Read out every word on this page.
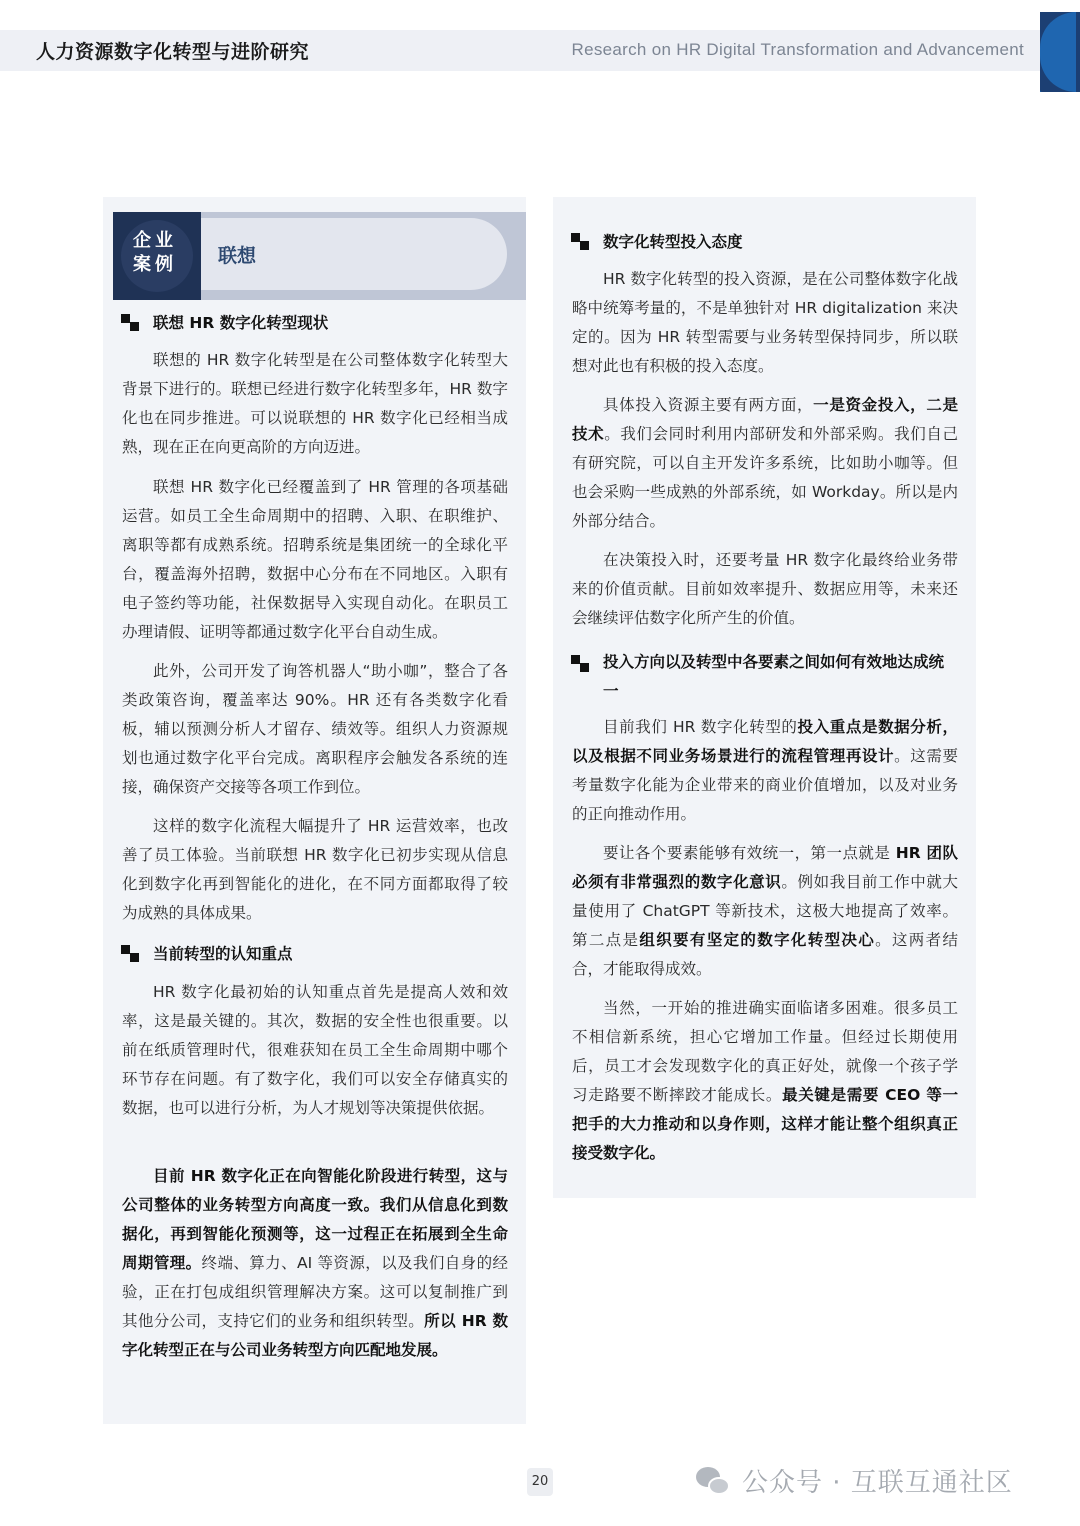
人力资源数字化转型与进阶研究	Research on HR Digital Transformation and Advancement
企业
案例	联想
联想 HR 数字化转型现状
联想的 HR 数字化转型是在公司整体数字化转型大背景下进行的。联想已经进行数字化转型多年，HR 数字化也在同步推进。可以说联想的 HR 数字化已经相当成熟，现在正在向更高阶的方向迈进。
联想 HR 数字化已经覆盖到了 HR 管理的各项基础运营。如员工全生命周期中的招聘、入职、在职维护、离职等都有成熟系统。招聘系统是集团统一的全球化平台，覆盖海外招聘，数据中心分布在不同地区。入职有电子签约等功能，社保数据导入实现自动化。在职员工办理请假、证明等都通过数字化平台自动生成。
此外，公司开发了询答机器人“助小咖”，整合了各类政策咨询，覆盖率达 90%。HR 还有各类数字化看板，辅以预测分析人才留存、绩效等。组织人力资源规划也通过数字化平台完成。离职程序会触发各系统的连接，确保资产交接等各项工作到位。
这样的数字化流程大幅提升了 HR 运营效率，也改善了员工体验。当前联想 HR 数字化已初步实现从信息化到数字化再到智能化的进化，在不同方面都取得了较为成熟的具体成果。
当前转型的认知重点
HR 数字化最初始的认知重点首先是提高人效和效率，这是最关键的。其次，数据的安全性也很重要。以前在纸质管理时代，很难获知在员工全生命周期中哪个环节存在问题。有了数字化，我们可以安全存储真实的数据，也可以进行分析，为人才规划等决策提供依据。
目前 HR 数字化正在向智能化阶段进行转型，这与公司整体的业务转型方向高度一致。我们从信息化到数据化，再到智能化预测等，这一过程正在拓展到全生命周期管理。终端、算力、AI 等资源，以及我们自身的经验，正在打包成组织管理解决方案。这可以复制推广到其他分公司，支持它们的业务和组织转型。所以 HR 数字化转型正在与公司业务转型方向匹配地发展。
数字化转型投入态度
HR 数字化转型的投入资源，是在公司整体数字化战略中统筹考量的，不是单独针对 HR digitalization 来决定的。因为 HR 转型需要与业务转型保持同步，所以联想对此也有积极的投入态度。
具体投入资源主要有两方面，一是资金投入，二是技术。我们会同时利用内部研发和外部采购。我们自己有研究院，可以自主开发许多系统，比如助小咖等。但也会采购一些成熟的外部系统，如 Workday。所以是内外部分结合。
在决策投入时，还要考量 HR 数字化最终给业务带来的价值贡献。目前如效率提升、数据应用等，未来还会继续评估数字化所产生的价值。
投入方向以及转型中各要素之间如何有效地达成统一
目前我们 HR 数字化转型的投入重点是数据分析，以及根据不同业务场景进行的流程管理再设计。这需要考量数字化能为企业带来的商业价值增加，以及对业务的正向推动作用。
要让各个要素能够有效统一，第一点就是 HR 团队必须有非常强烈的数字化意识。例如我目前工作中就大量使用了 ChatGPT 等新技术，这极大地提高了效率。第二点是组织要有坚定的数字化转型决心。这两者结合，才能取得成效。
当然，一开始的推进确实面临诸多困难。很多员工不相信新系统，担心它增加工作量。但经过长期使用后，员工才会发现数字化的真正好处，就像一个孩子学习走路要不断摔跤才能成长。最关键是需要 CEO 等一把手的大力推动和以身作则，这样才能让整个组织真正接受数字化。
20	公众号 · 互联互通社区
